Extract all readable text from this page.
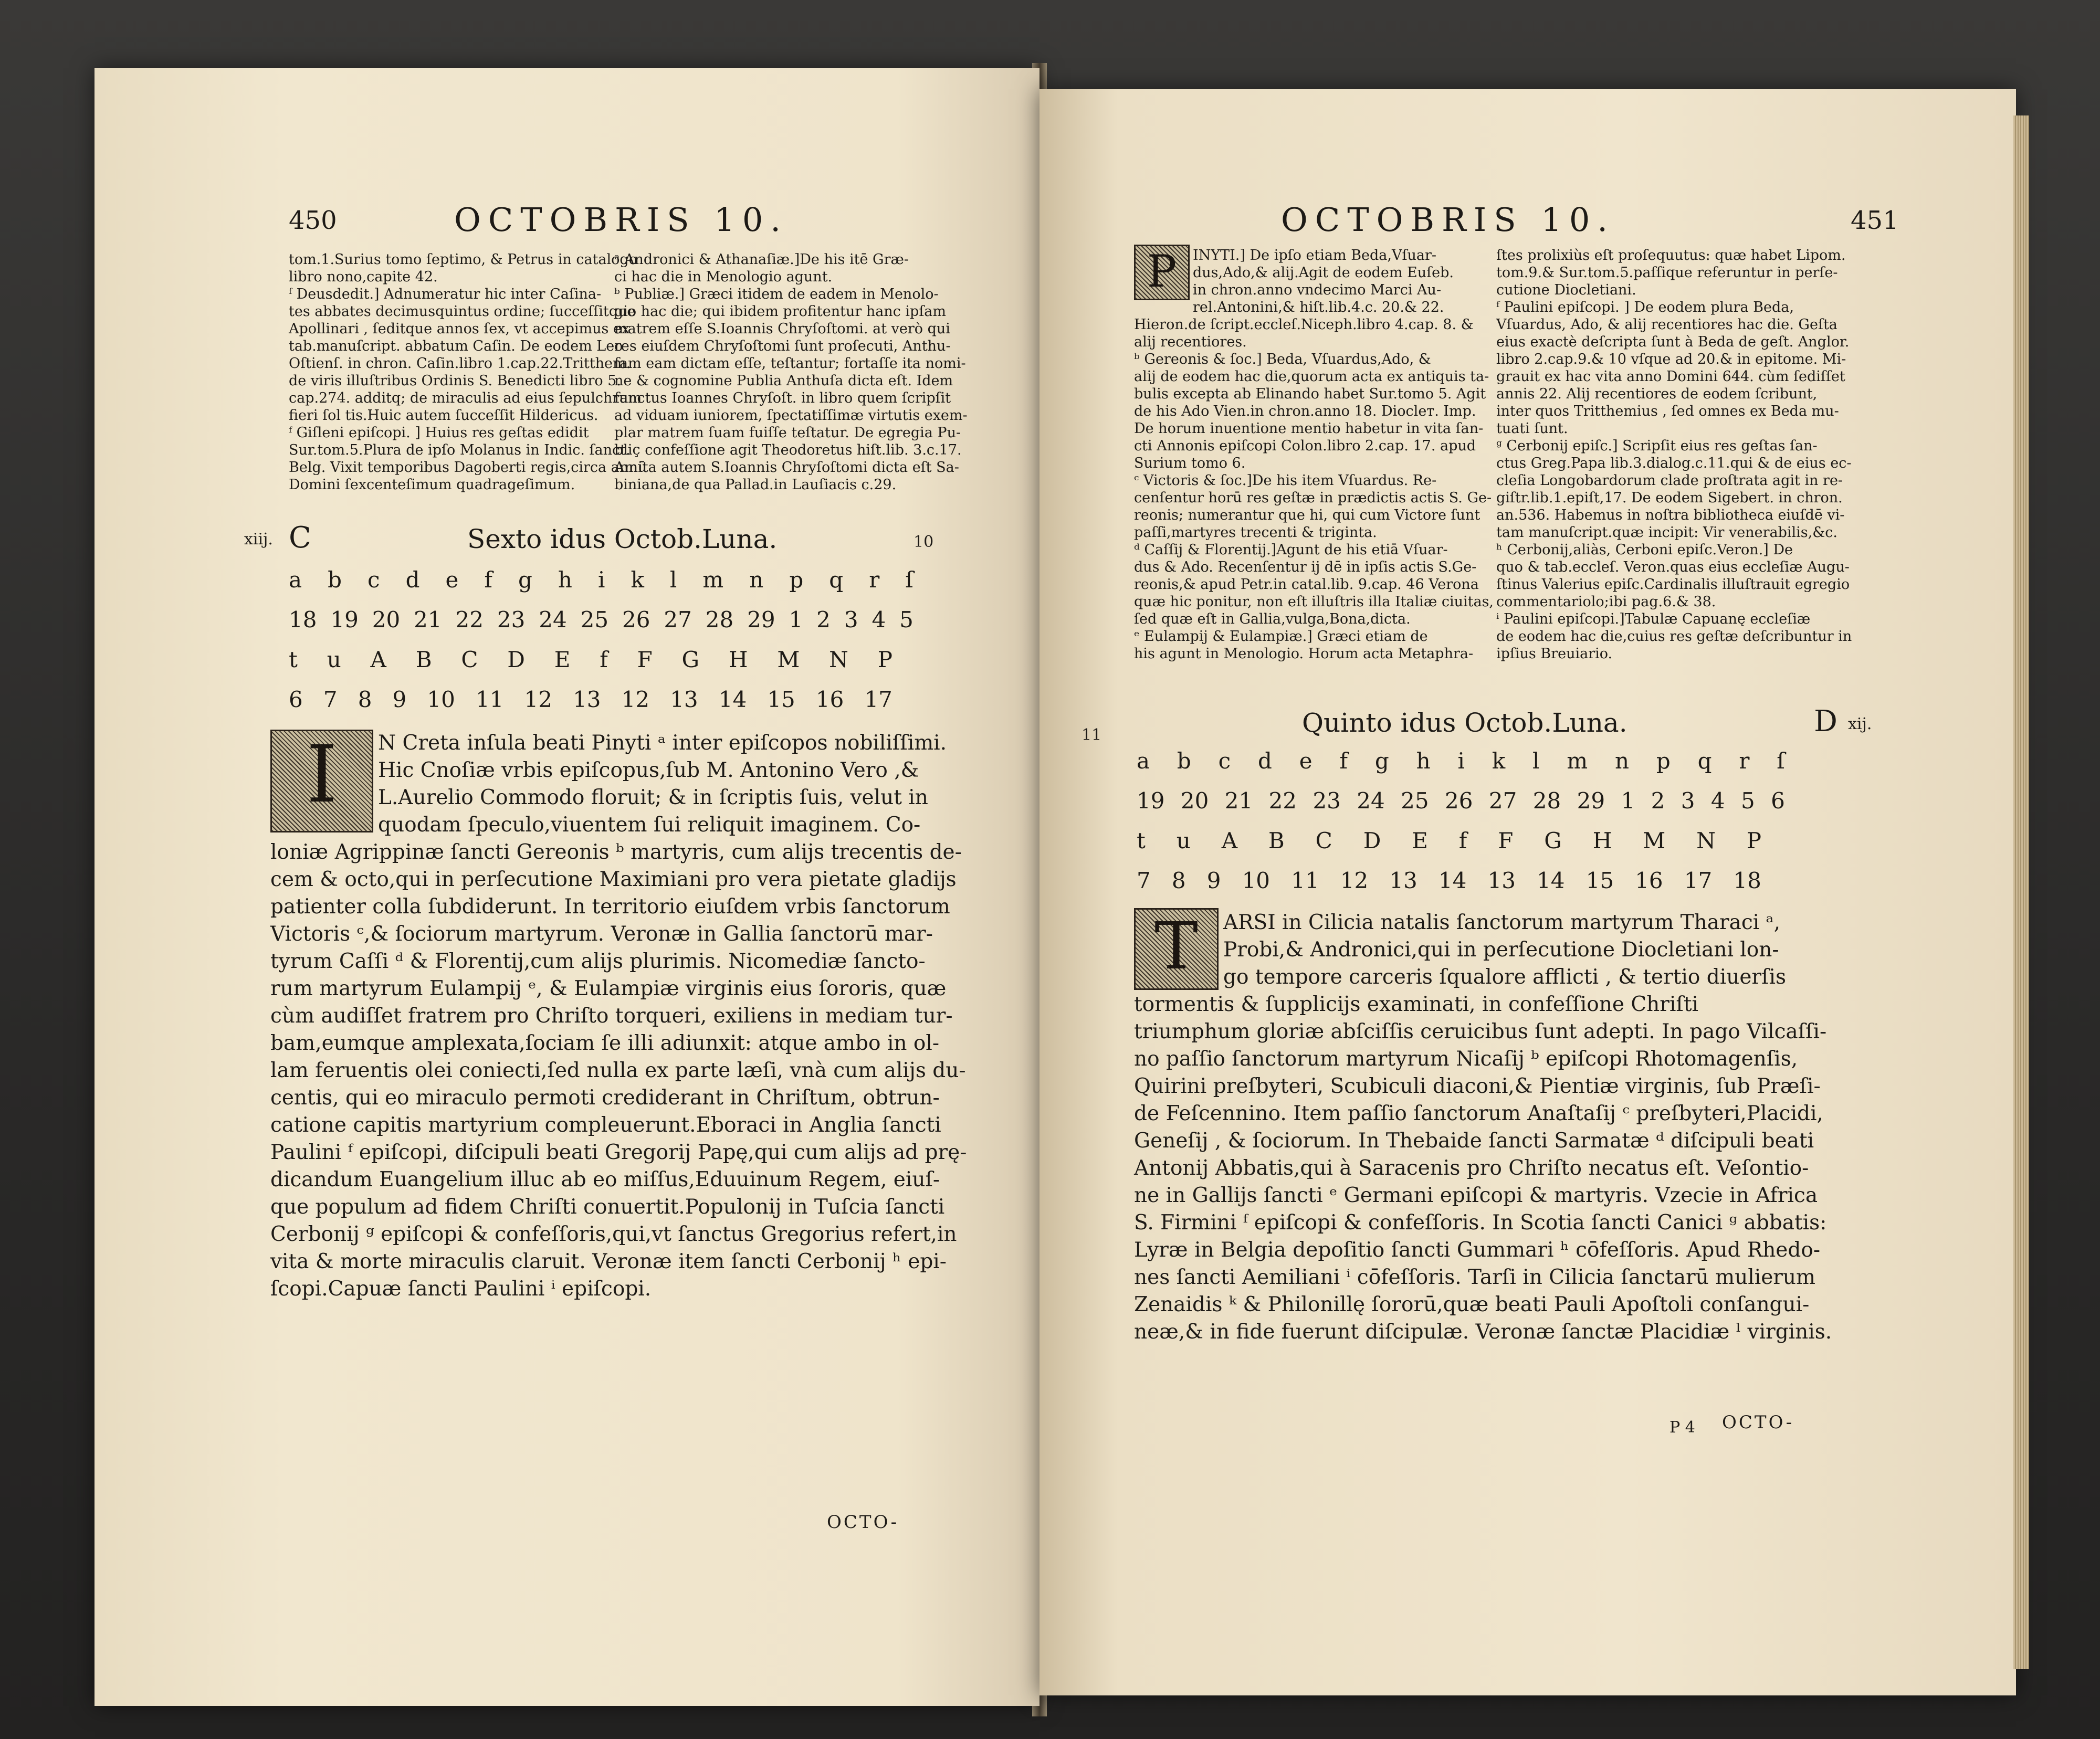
450	OCTOBRIS 10.

tom.1.Surius tomo ſeptimo, & Petrus in catalogo

libro nono,capite 42.

ᶠ Deusdedit.] Adnumeratur hic inter Caſina-

tes abbates decimusquintus ordine; ſucceſſitque

Apollinari , ſeditque annos ſex, vt accepimus ex

tab.manuſcript. abbatum Caſin. De eodem Leo

Oſtienſ. in chron. Caſin.libro 1.cap.22.Tritthem.

de viris illuſtribus Ordinis S. Benedicti libro 5.

cap.274. additq; de miraculis ad eius ſepulchrum

fieri ſol tis.Huic autem ſucceſſit Hildericus.

ᶠ Giſleni epiſcopi. ] Huius res geſtas edidit

Sur.tom.5.Plura de ipſo Molanus in Indic. ſanct.

Belg. Vixit temporibus Dagoberti regis,circa annū

Domini ſexcenteſimum quadrageſimum.

ᵃ Andronici & Athanaſiæ.]De his itē Græ-

ci hac die in Menologio agunt.

ᵇ Publiæ.] Græci itidem de eadem in Menolo-

gio hac die; qui ibidem profitentur hanc ipſam

matrem eſſe S.Ioannis Chryſoſtomi. at verò qui

res eiuſdem Chryſoſtomi ſunt proſecuti, Anthu-

ſam eam dictam eſſe, teſtantur; fortaſſe ita nomi-

ne & cognomine Publia Anthuſa dicta eſt. Idem

ſanctus Ioannes Chryſoſt. in libro quem ſcripſit

ad viduam iuniorem, ſpectatiſſimæ virtutis exem-

plar matrem ſuam fuiſſe teſtatur. De egregia Pu-

bliç confeſſione agit Theodoretus hiſt.lib. 3.c.17.

Amita autem S.Ioannis Chryſoſtomi dicta eſt Sa-

biniana,de qua Pallad.in Lauſiacis c.29.

xiij. C	Sexto idus Octob.Luna.	10
a b c d e f g h i k l m n p q r ſ
18 19 20 21 22 23 24 25 26 27 28 29 1 2 3 4 5
t u A B C D E f F G H M N P
6 7 8 9 10 11 12 13 12 13 14 15 16 17
I	N Creta inſula beati Pinyti ᵃ inter epiſcopos nobiliſſimi.

Hic Cnoſiæ vrbis epiſcopus,ſub M. Antonino Vero ,&

L.Aurelio Commodo floruit; & in ſcriptis ſuis, velut in

quodam ſpeculo,viuentem ſui reliquit imaginem. Co-

loniæ Agrippinæ ſancti Gereonis ᵇ martyris, cum alijs trecentis de-

cem & octo,qui in perſecutione Maximiani pro vera pietate gladijs

patienter colla ſubdiderunt. In territorio eiuſdem vrbis ſanctorum

Victoris ᶜ,& ſociorum martyrum. Veronæ in Gallia ſanctorū mar-

tyrum Caſſi ᵈ & Florentij,cum alijs plurimis. Nicomediæ ſancto-

rum martyrum Eulampij ᵉ, & Eulampiæ virginis eius ſororis, quæ

cùm audiſſet fratrem pro Chriſto torqueri, exiliens in mediam tur-

bam,eumque amplexata,ſociam ſe illi adiunxit: atque ambo in ol-

lam feruentis olei coniecti,ſed nulla ex parte læſi, vnà cum alijs du-

centis, qui eo miraculo permoti crediderant in Chriſtum, obtrun-

catione capitis martyrium compleuerunt.Eboraci in Anglia ſancti

Paulini ᶠ epiſcopi, diſcipuli beati Gregorij Papę,qui cum alijs ad prę-

dicandum Euangelium illuc ab eo miſſus,Eduuinum Regem, eiuſ-

que populum ad fidem Chriſti conuertit.Populonij in Tuſcia ſancti

Cerbonij ᵍ epiſcopi & confeſſoris,qui,vt ſanctus Gregorius refert,in

vita & morte miraculis claruit. Veronæ item ſancti Cerbonij ʰ epi-

ſcopi.Capuæ ſancti Paulini ⁱ epiſcopi.

OCTO-
OCTOBRIS 10.	451
P	INYTI.] De ipſo etiam Beda,Vſuar-

dus,Ado,& alij.Agit de eodem Euſeb.

in chron.anno vndecimo Marci Au-

rel.Antonini,& hiſt.lib.4.c. 20.& 22.

Hieron.de ſcript.eccleſ.Niceph.libro 4.cap. 8. &

alij recentiores.

ᵇ Gereonis & ſoc.] Beda, Vſuardus,Ado, &

alij de eodem hac die,quorum acta ex antiquis ta-

bulis excepta ab Elinando habet Sur.tomo 5. Agit

de his Ado Vien.in chron.anno 18. Diocleт. Imp.

De horum inuentione mentio habetur in vita ſan-

cti Annonis epiſcopi Colon.libro 2.cap. 17. apud

Surium tomo 6.

ᶜ Victoris & ſoc.]De his item Vſuardus. Re-

cenſentur horū res geſtæ in prædictis actis S. Ge-

reonis; numerantur que hi, qui cum Victore ſunt

paſſi,martyres trecenti & triginta.

ᵈ Caſſij & Florentij.]Agunt de his etiā Vſuar-

dus & Ado. Recenſentur ij dē in ipſis actis S.Ge-

reonis,& apud Petr.in catal.lib. 9.cap. 46 Verona

quæ hic ponitur, non eſt illuſtris illa Italiæ ciuitas,

ſed quæ eſt in Gallia,vulga,Bona,dicta.

ᵉ Eulampij & Eulampiæ.] Græci etiam de

his agunt in Menologio. Horum acta Metaphra-

ſtes prolixiùs eſt proſequutus: quæ habet Lipom.

tom.9.& Sur.tom.5.paſſique referuntur in perſe-

cutione Diocletiani.

ᶠ Paulini epiſcopi. ] De eodem plura Beda,

Vſuardus, Ado, & alij recentiores hac die. Geſta

eius exactè deſcripta ſunt à Beda de geſt. Anglor.

libro 2.cap.9.& 10 vſque ad 20.& in epitome. Mi-

grauit ex hac vita anno Domini 644. cùm ſediſſet

annis 22. Alij recentiores de eodem ſcribunt,

inter quos Tritthemius , ſed omnes ex Beda mu-

tuati ſunt.

ᵍ Cerbonij epiſc.] Scripſit eius res geſtas ſan-

ctus Greg.Papa lib.3.dialog.c.11.qui & de eius ec-

cleſia Longobardorum clade proſtrata agit in re-

giſtr.lib.1.epiſt,17. De eodem Sigebert. in chron.

an.536. Habemus in noſtra bibliotheca eiuſdē vi-

tam manuſcript.quæ incipit: Vir venerabilis,&c.

ʰ Cerbonij,aliàs, Cerboni epiſc.Veron.] De

quo & tab.eccleſ. Veron.quas eius eccleſiæ Augu-

ſtinus Valerius epiſc.Cardinalis illuſtrauit egregio

commentariolo;ibi pag.6.& 38.

ⁱ Paulini epiſcopi.]Tabulæ Capuanę eccleſiæ

de eodem hac die,cuius res geſtæ deſcribuntur in

ipſius Breuiario.

11	Quinto idus Octob.Luna.	D xij.
a b c d e f g h i k l m n p q r ſ
19 20 21 22 23 24 25 26 27 28 29 1 2 3 4 5 6
t u A B C D E f F G H M N P
7 8 9 10 11 12 13 14 13 14 15 16 17 18
T	ARSI in Cilicia natalis ſanctorum martyrum Tharaci ᵃ,

Probi,& Andronici,qui in perſecutione Diocletiani lon-

go tempore carceris ſqualore afflicti , & tertio diuerſis

tormentis & ſupplicijs examinati, in confeſſione Chriſti

triumphum gloriæ abſciſſis ceruicibus ſunt adepti. In pago Vilcaſſi-

no paſſio ſanctorum martyrum Nicaſij ᵇ epiſcopi Rhotomagenſis,

Quirini preſbyteri, Scubiculi diaconi,& Pientiæ virginis, ſub Præſi-

de Feſcennino. Item paſſio ſanctorum Anaſtaſij ᶜ preſbyteri,Placidi,

Geneſij , & ſociorum. In Thebaide ſancti Sarmatæ ᵈ diſcipuli beati

Antonij Abbatis,qui à Saracenis pro Chriſto necatus eſt. Veſontio-

ne in Gallijs ſancti ᵉ Germani epiſcopi & martyris. Vzecie in Africa

S. Firmini ᶠ epiſcopi & confeſſoris. In Scotia ſancti Canici ᵍ abbatis:

Lyræ in Belgia depoſitio ſancti Gummari ʰ cōfeſſoris. Apud Rhedo-

nes ſancti Aemiliani ⁱ cōfeſſoris. Tarſi in Cilicia ſanctarū mulierum

Zenaidis ᵏ & Philonillę ſororū,quæ beati Pauli Apoſtoli conſangui-

neæ,& in fide fuerunt diſcipulæ. Veronæ ſanctæ Placidiæ ˡ virginis.

P 4 OCTO-
